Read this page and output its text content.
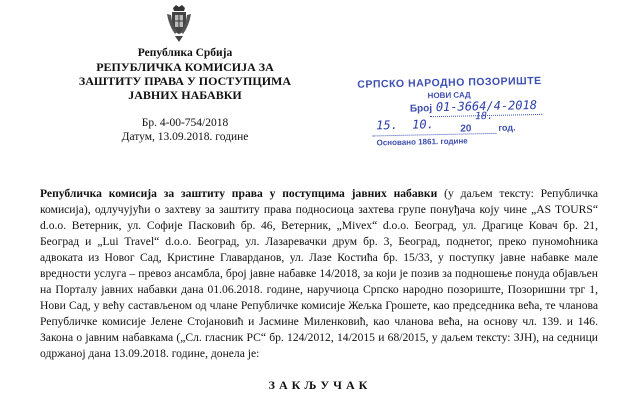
Република Србија
РЕПУБЛИЧКА КОМИСИЈА ЗА
ЗАШТИТУ ПРАВА У ПОСТУПЦИМА
ЈАВНИХ НАБАВКИ
Бр. 4-00-754/2018
Датум, 13.09.2018. године
СРПСКО НАРОДНО ПОЗОРИШТЕ
НОВИ САД
Број 01-3664/4-2018
15. 10.	20
18.
год.
Основано 1861. године
Републичка комисија за заштиту права у поступцима јавних набавки (у даљем тексту: Републичка комисија), одлучујући о захтеву за заштиту права подносиоца захтева групе понуђача коју чине „AS TOURS“ d.o.o. Ветерник, ул. Софије Пасковић бр. 46, Ветерник, „Mivex“ d.o.o. Београд, ул. Драгице Ковач бр. 21, Београд и „Lui Travel“ d.o.o. Београд, ул. Лазаревачки друм бр. 3, Београд, поднетог, преко пуномоћника адвоката из Новог Сад, Кристине Главарданов, ул. Лазе Костића бр. 15/33, у поступку јавне набавке мале вредности услуга – превоз ансамбла, број јавне набавке 14/2018, за који је позив за подношење понуда објављен на Порталу јавних набавки дана 01.06.2018. године, наручиоца Српско народно позориште, Позоришни трг 1, Нови Сад, у већу састављеном од члане Републичке комисије Жељка Грошете, као председника већа, те чланова Републичке комисије Јелене Стојановић и Јасмине Миленковић, као чланова већа, на основу чл. 139. и 146. Закона о јавним набавкама („Сл. гласник РС“ бр. 124/2012, 14/2015 и 68/2015, у даљем тексту: ЗЈН), на седници одржаној дана 13.09.2018. године, донела је:
ЗАКЉУЧАК
